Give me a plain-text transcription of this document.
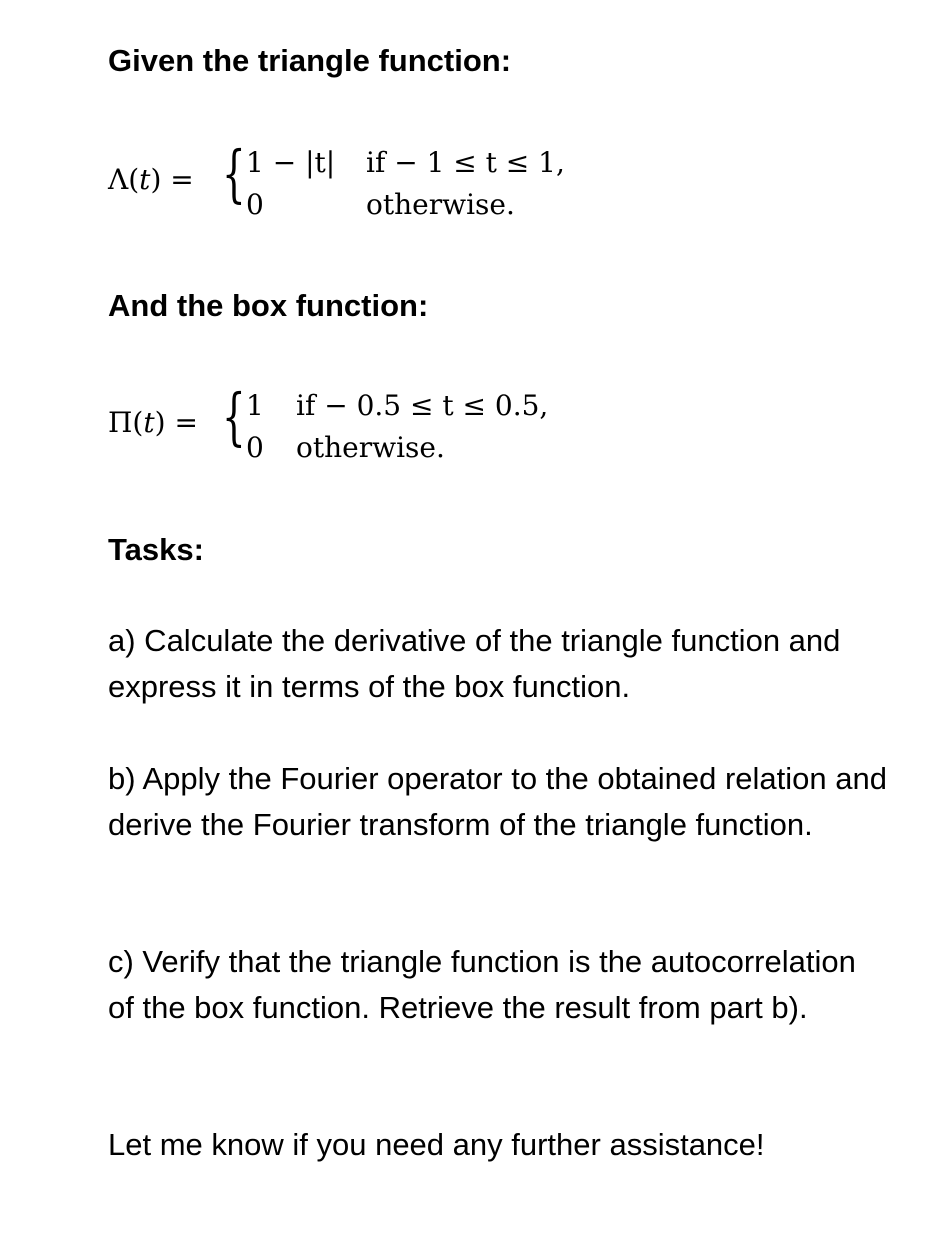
Given the triangle function:
Λ(t) = { 1 − |t| if − 1 ≤ t ≤ 1,
0	otherwise.
And the box function:
Π(t) = { 1 if − 0.5 ≤ t ≤ 0.5,
0 otherwise.
Tasks:
a) Calculate the derivative of the triangle function and express it in terms of the box function.
b) Apply the Fourier operator to the obtained relation and derive the Fourier transform of the triangle function.
c) Verify that the triangle function is the autocorrelation of the box function. Retrieve the result from part b).
Let me know if you need any further assistance!
